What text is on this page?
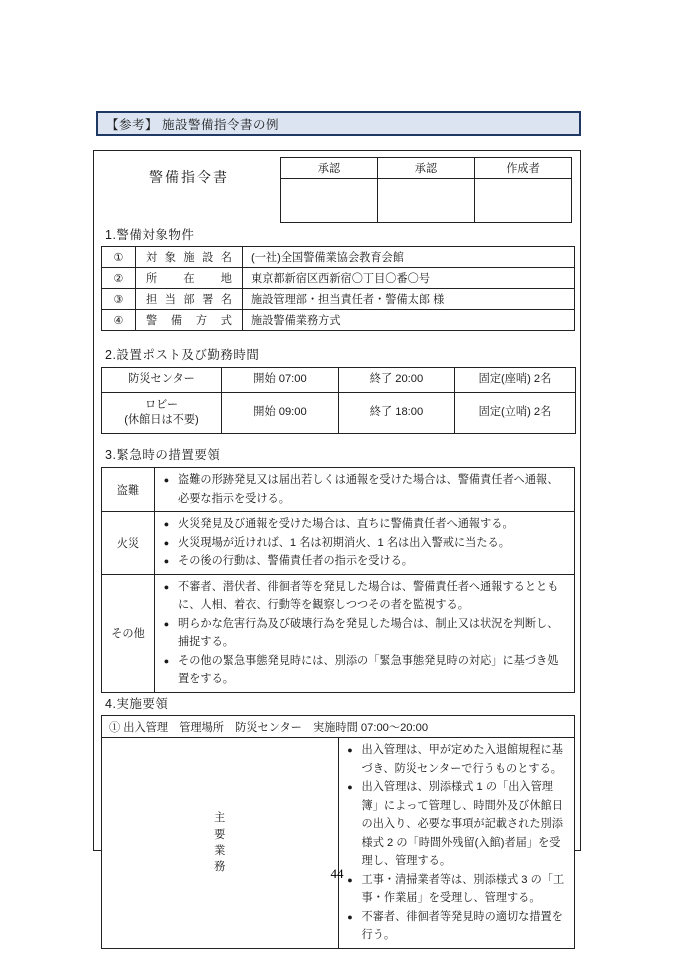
【参考】 施設警備指令書の例
警備指令書	承認	承認	作成者

1.警備対象物件
①	対象施設名	(一社)全国警備業協会教育会館
②	所在地	東京都新宿区西新宿〇丁目〇番〇号
③	担当部署名	施設管理部・担当責任者・警備太郎 様
④	警備方式	施設警備業務方式
2.設置ポスト及び勤務時間
防災センター	開始 07:00	終了 20:00	固定(座哨) 2名

ロビー
(休館日は不要)	開始 09:00	終了 18:00	固定(立哨) 2名
3.緊急時の措置要領
盗難	● 盗難の形跡発見又は届出若しくは通報を受けた場合は、警備責任者へ通報、必要な指示を受ける。

火災	
● 火災発見及び通報を受けた場合は、直ちに警備責任者へ通報する。
● 火災現場が近ければ、1 名は初期消火、1 名は出入警戒に当たる。
● その後の行動は、警備責任者の指示を受ける。

その他	
● 不審者、潜伏者、徘徊者等を発見した場合は、警備責任者へ通報するとともに、人相、着衣、行動等を観察しつつその者を監視する。
● 明らかな危害行為及び破壊行為を発見した場合は、制止又は状況を判断し、捕捉する。
● その他の緊急事態発見時には、別添の「緊急事態発見時の対応」に基づき処置をする。
4.実施要領
① 出入管理　管理場所　防災センター　実施時間 07:00〜20:00

主要業務

● 出入管理は、甲が定めた入退館規程に基づき、防災センターで行うものとする。
● 出入管理は、別添様式 1 の「出入管理簿」によって管理し、時間外及び休館日の出入り、必要な事項が記載された別添様式 2 の「時間外残留(入館)者届」を受理し、管理する。
● 工事・清掃業者等は、別添様式 3 の「工事・作業届」を受理し、管理する。
● 不審者、徘徊者等発見時の適切な措置を行う。
44
